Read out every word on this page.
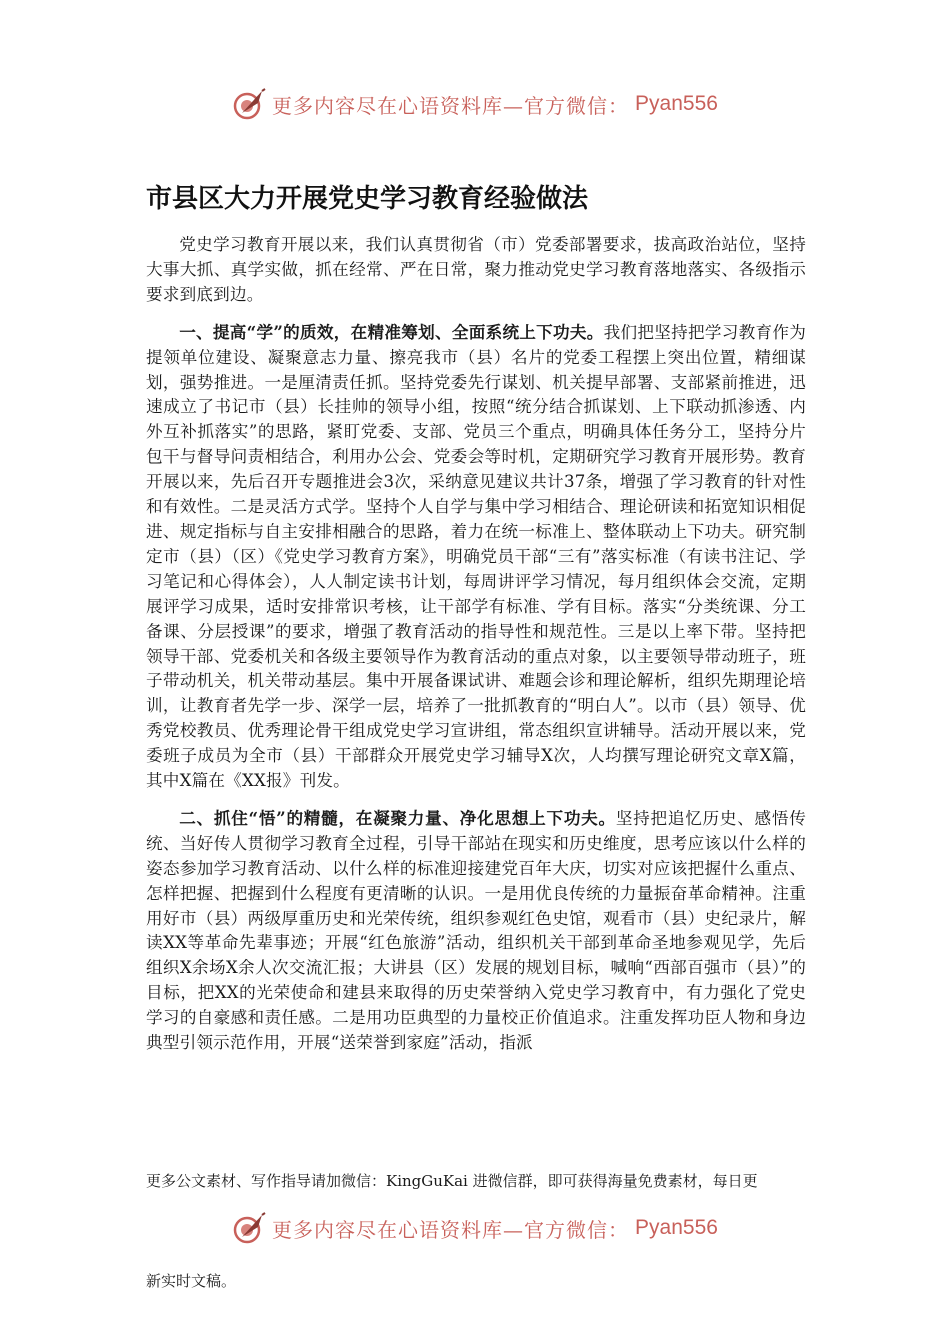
更多内容尽在心语资料库—官方微信： Pyan556
市县区大力开展党史学习教育经验做法

党史学习教育开展以来，我们认真贯彻省（市）党委部署要求，拔高政治站位，坚持大事大抓、真学实做，抓在经常、严在日常，聚力推动党史学习教育落地落实、各级指示要求到底到边。

一、提高“学”的质效，在精准筹划、全面系统上下功夫。我们把坚持把学习教育作为提领单位建设、凝聚意志力量、擦亮我市（县）名片的党委工程摆上突出位置，精细谋划，强势推进。一是厘清责任抓。坚持党委先行谋划、机关提早部署、支部紧前推进，迅速成立了书记市（县）长挂帅的领导小组，按照“统分结合抓谋划、上下联动抓渗透、内外互补抓落实”的思路，紧盯党委、支部、党员三个重点，明确具体任务分工，坚持分片包干与督导问责相结合，利用办公会、党委会等时机，定期研究学习教育开展形势。教育开展以来，先后召开专题推进会3次，采纳意见建议共计37条，增强了学习教育的针对性和有效性。二是灵活方式学。坚持个人自学与集中学习相结合、理论研读和拓宽知识相促进、规定指标与自主安排相融合的思路，着力在统一标准上、整体联动上下功夫。研究制定市（县）（区）《党史学习教育方案》，明确党员干部“三有”落实标准（有读书注记、学习笔记和心得体会），人人制定读书计划，每周讲评学习情况，每月组织体会交流，定期展评学习成果，适时安排常识考核，让干部学有标准、学有目标。落实“分类统课、分工备课、分层授课”的要求，增强了教育活动的指导性和规范性。三是以上率下带。坚持把领导干部、党委机关和各级主要领导作为教育活动的重点对象，以主要领导带动班子，班子带动机关，机关带动基层。集中开展备课试讲、难题会诊和理论解析，组织先期理论培训，让教育者先学一步、深学一层，培养了一批抓教育的“明白人”。以市（县）领导、优秀党校教员、优秀理论骨干组成党史学习宣讲组，常态组织宣讲辅导。活动开展以来，党委班子成员为全市（县）干部群众开展党史学习辅导X次，人均撰写理论研究文章X篇，其中X篇在《XX报》刊发。

二、抓住“悟”的精髓，在凝聚力量、净化思想上下功夫。坚持把追忆历史、感悟传统、当好传人贯彻学习教育全过程，引导干部站在现实和历史维度，思考应该以什么样的姿态参加学习教育活动、以什么样的标准迎接建党百年大庆，切实对应该把握什么重点、怎样把握、把握到什么程度有更清晰的认识。一是用优良传统的力量振奋革命精神。注重用好市（县）两级厚重历史和光荣传统，组织参观红色史馆，观看市（县）史纪录片，解读XX等革命先辈事迹；开展“红色旅游”活动，组织机关干部到革命圣地参观见学，先后组织X余场X余人次交流汇报；大讲县（区）发展的规划目标，喊响“西部百强市（县）”的目标，把XX的光荣使命和建县来取得的历史荣誉纳入党史学习教育中，有力强化了党史学习的自豪感和责任感。二是用功臣典型的力量校正价值追求。注重发挥功臣人物和身边典型引领示范作用，开展“送荣誉到家庭”活动，指派

更多公文素材、写作指导请加微信：KingGuKai 进微信群，即可获得海量免费素材，每日更
更多内容尽在心语资料库—官方微信： Pyan556
新实时文稿。
